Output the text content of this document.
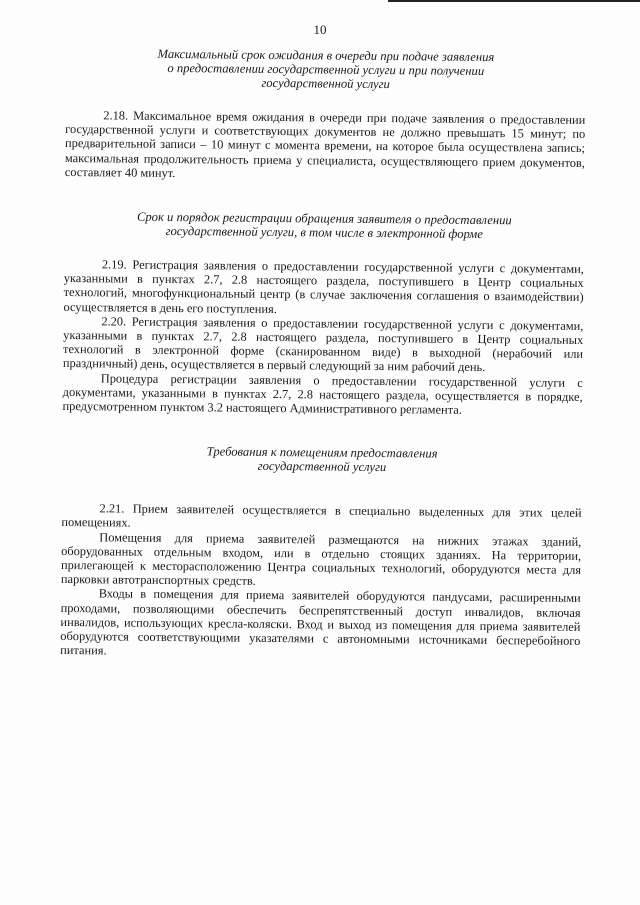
10
Максимальный срок ожидания в очереди при подаче заявления
о предоставлении государственной услуги и при получении
государственной услуги

2.18. Максимальное время ожидания в очереди при подаче заявления о предоставлении государственной услуги и соответствующих документов не должно превышать 15 минут; по предварительной записи – 10 минут с момента времени, на которое была осуществлена запись; максимальная продолжительность приема у специалиста, осуществляющего прием документов, составляет 40 минут.

Срок и порядок регистрации обращения заявителя о предоставлении
государственной услуги, в том числе в электронной форме

2.19. Регистрация заявления о предоставлении государственной услуги с документами, указанными в пунктах 2.7, 2.8 настоящего раздела, поступившего в Центр социальных технологий, многофункциональный центр (в случае заключения соглашения о взаимодействии) осуществляется в день его поступления.

2.20. Регистрация заявления о предоставлении государственной услуги с документами, указанными в пунктах 2.7, 2.8 настоящего раздела, поступившего в Центр социальных технологий в электронной форме (сканированном виде) в выходной (нерабочий или праздничный) день, осуществляется в первый следующий за ним рабочий день.

Процедура регистрации заявления о предоставлении государственной услуги с документами, указанными в пунктах 2.7, 2.8 настоящего раздела, осуществляется в порядке, предусмотренном пунктом 3.2 настоящего Административного регламента.

Требования к помещениям предоставления
государственной услуги

2.21. Прием заявителей осуществляется в специально выделенных для этих целей помещениях.

Помещения для приема заявителей размещаются на нижних этажах зданий, оборудованных отдельным входом, или в отдельно стоящих зданиях. На территории, прилегающей к месторасположению Центра социальных технологий, оборудуются места для парковки автотранспортных средств.

Входы в помещения для приема заявителей оборудуются пандусами, расширенными проходами, позволяющими обеспечить беспрепятственный доступ инвалидов, включая инвалидов, использующих кресла-коляски. Вход и выход из помещения для приема заявителей оборудуются соответствующими указателями с автономными источниками бесперебойного питания.
